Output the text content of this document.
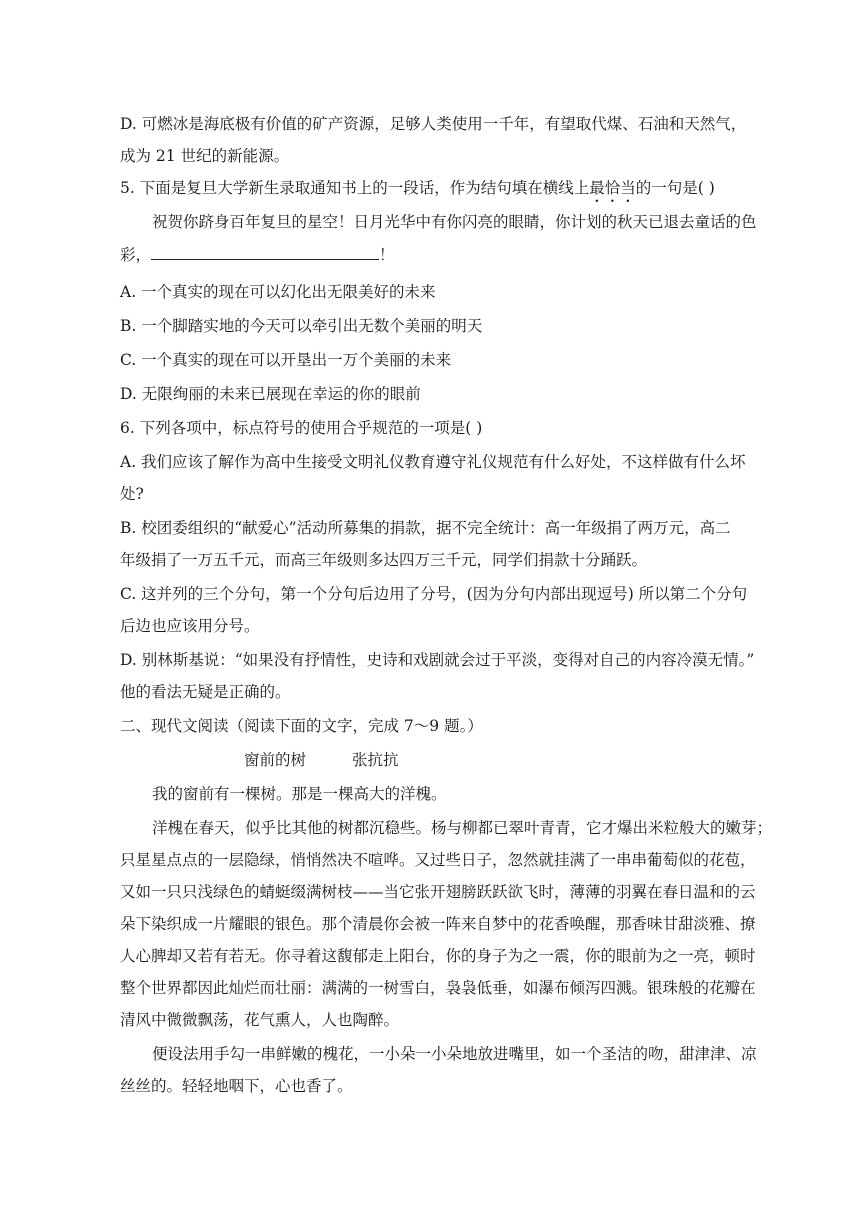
D. 可燃冰是海底极有价值的矿产资源，足够人类使用一千年，有望取代煤、石油和天然气，
成为 21 世纪的新能源。
5. 下面是复旦大学新生录取通知书上的一段话，作为结句填在横线上最恰当的一句是( )
祝贺你跻身百年复旦的星空！日月光华中有你闪亮的眼睛，你计划的秋天已退去童话的色
彩，	！
A. 一个真实的现在可以幻化出无限美好的未来
B. 一个脚踏实地的今天可以牵引出无数个美丽的明天
C. 一个真实的现在可以开垦出一万个美丽的未来
D. 无限绚丽的未来已展现在幸运的你的眼前
6. 下列各项中，标点符号的使用合乎规范的一项是( )
A. 我们应该了解作为高中生接受文明礼仪教育遵守礼仪规范有什么好处，不这样做有什么坏
处?
B. 校团委组织的“献爱心”活动所募集的捐款，据不完全统计：高一年级捐了两万元，高二
年级捐了一万五千元，而高三年级则多达四万三千元，同学们捐款十分踊跃。
C. 这并列的三个分句，第一个分句后边用了分号，(因为分句内部出现逗号) 所以第二个分句
后边也应该用分号。
D. 别林斯基说：“如果没有抒情性，史诗和戏剧就会过于平淡，变得对自己的内容冷漠无情。”
他的看法无疑是正确的。
二、现代文阅读（阅读下面的文字，完成 7～9 题。）
窗前的树	张抗抗
我的窗前有一棵树。那是一棵高大的洋槐。
洋槐在春天，似乎比其他的树都沉稳些。杨与柳都已翠叶青青，它才爆出米粒般大的嫩芽；
只星星点点的一层隐绿，悄悄然决不喧哗。又过些日子，忽然就挂满了一串串葡萄似的花苞，
又如一只只浅绿色的蜻蜓缀满树枝——当它张开翅膀跃跃欲飞时，薄薄的羽翼在春日温和的云
朵下染织成一片耀眼的银色。那个清晨你会被一阵来自梦中的花香唤醒，那香味甘甜淡雅、撩
人心脾却又若有若无。你寻着这馥郁走上阳台，你的身子为之一震，你的眼前为之一亮，顿时
整个世界都因此灿烂而壮丽：满满的一树雪白，袅袅低垂，如瀑布倾泻四溅。银珠般的花瓣在
清风中微微飘荡，花气熏人，人也陶醉。
便设法用手勾一串鲜嫩的槐花，一小朵一小朵地放进嘴里，如一个圣洁的吻，甜津津、凉
丝丝的。轻轻地咽下，心也香了。
